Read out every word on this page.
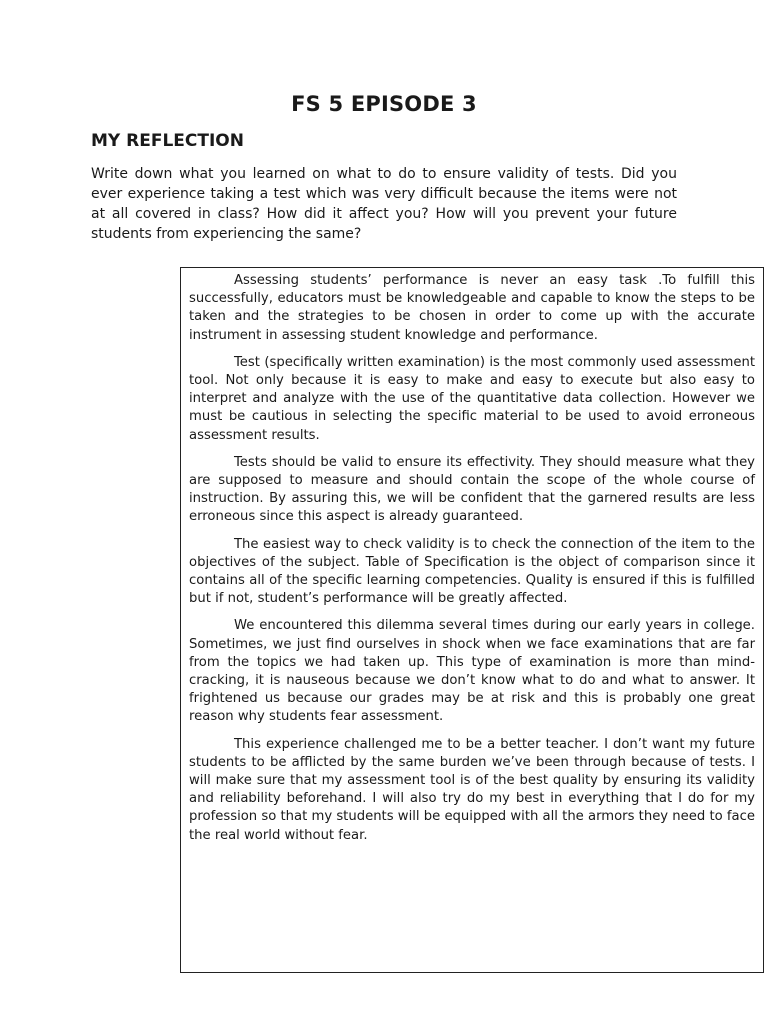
FS 5 EPISODE 3
MY REFLECTION

Write down what you learned on what to do to ensure validity of tests. Did you ever experience taking a test which was very difficult because the items were not at all covered in class? How did it affect you? How will you prevent your future students from experiencing the same?

Assessing students’ performance is never an easy task .To fulfill this successfully, educators must be knowledgeable and capable to know the steps to be taken and the strategies to be chosen in order to come up with the accurate instrument in assessing student knowledge and performance.

Test (specifically written examination) is the most commonly used assessment tool. Not only because it is easy to make and easy to execute but also easy to interpret and analyze with the use of the quantitative data collection. However we must be cautious in selecting the specific material to be used to avoid erroneous assessment results.

Tests should be valid to ensure its effectivity. They should measure what they are supposed to measure and should contain the scope of the whole course of instruction. By assuring this, we will be confident that the garnered results are less erroneous since this aspect is already guaranteed.

The easiest way to check validity is to check the connection of the item to the objectives of the subject. Table of Specification is the object of comparison since it contains all of the specific learning competencies. Quality is ensured if this is fulfilled but if not, student’s performance will be greatly affected.

We encountered this dilemma several times during our early years in college. Sometimes, we just find ourselves in shock when we face examinations that are far from the topics we had taken up. This type of examination is more than mind-cracking, it is nauseous because we don’t know what to do and what to answer. It frightened us because our grades may be at risk and this is probably one great reason why students fear assessment.

This experience challenged me to be a better teacher. I don’t want my future students to be afflicted by the same burden we’ve been through because of tests. I will make sure that my assessment tool is of the best quality by ensuring its validity and reliability beforehand. I will also try do my best in everything that I do for my profession so that my students will be equipped with all the armors they need to face the real world without fear.
